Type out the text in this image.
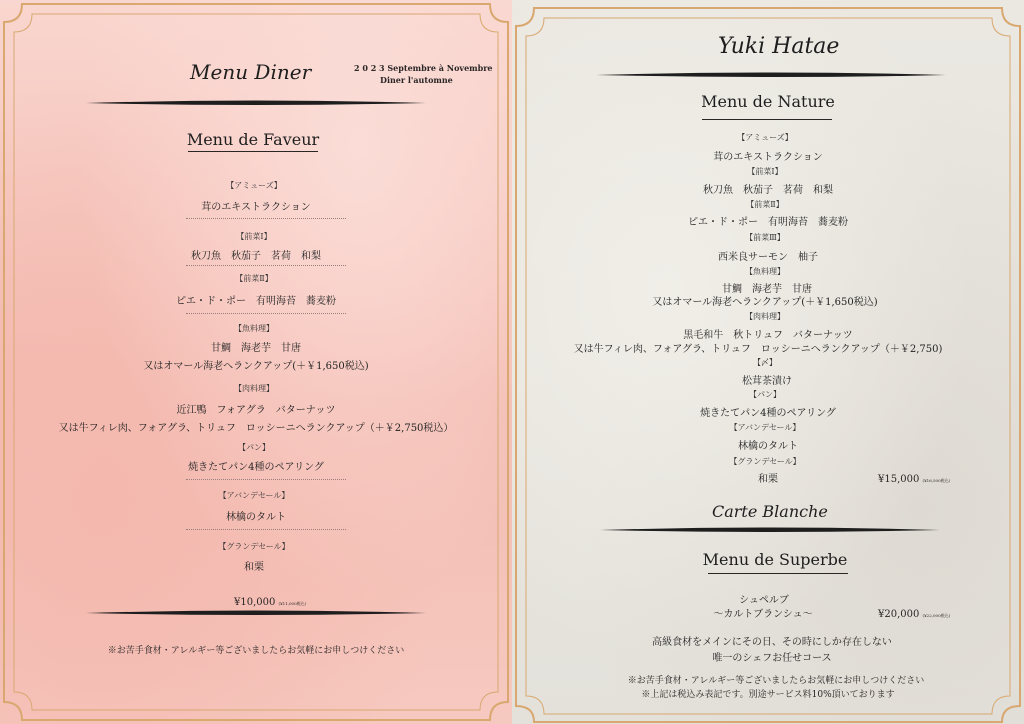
Menu Diner	2 0 2 3 Septembre à Novembre
Diner l'automne
Menu de Faveur
【アミューズ】
茸のエキストラクション
【前菜Ⅰ】
秋刀魚　秋茄子　茗荷　和梨
【前菜Ⅱ】
ピエ・ド・ポー　有明海苔　蕎麦粉
【魚料理】
甘鯛　海老芋　甘唐
又はオマール海老へランクアップ(＋￥1,650税込)
【肉料理】
近江鴨　フォアグラ　バターナッツ
又は牛フィレ肉、フォアグラ、トリュフ　ロッシーニへランクアップ（＋￥2,750税込）
【パン】
焼きたてパン4種のペアリング
【アバンデセール】
林檎のタルト
【グランデセール】
和栗
¥10,000 (¥11,000税込)
※お苦手食材・アレルギー等ございましたらお気軽にお申しつけください
Yuki Hatae
Menu de Nature
【アミューズ】
茸のエキストラクション
【前菜Ⅰ】
秋刀魚　秋茄子　茗荷　和梨
【前菜Ⅱ】
ピエ・ド・ポー　有明海苔　蕎麦粉
【前菜Ⅲ】
西米良サーモン　柚子
【魚料理】
甘鯛　海老芋　甘唐
又はオマール海老へランクアップ(＋￥1,650税込)
【肉料理】
黒毛和牛　秋トリュフ　バターナッツ
又は牛フィレ肉、フォアグラ、トリュフ　ロッシーニへランクアップ（＋￥2,750)
【〆】
松茸茶漬け
【パン】
焼きたてパン4種のペアリング
【アバンデセール】
林檎のタルト
【グランデセール】
和栗	¥15,000 (¥16,500税込)
Carte Blanche
Menu de Superbe
シュペルブ
～カルトブランシュ～	¥20,000 (¥22,000税込)
高級食材をメインにその日、その時にしか存在しない
唯一のシェフお任せコース
※お苦手食材・アレルギー等ございましたらお気軽にお申しつけください
※上記は税込み表記です。別途サービス料10%頂いております
